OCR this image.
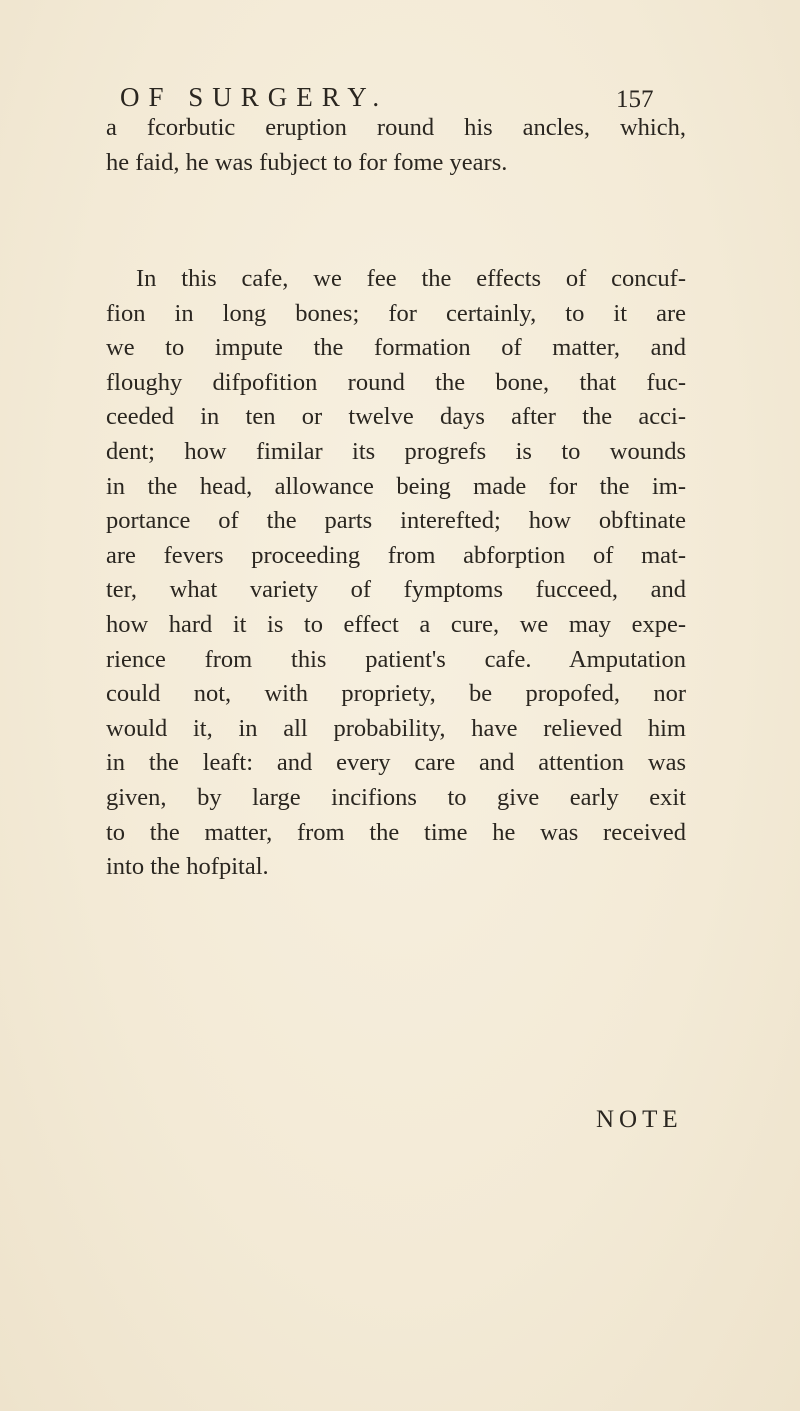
OF SURGERY.	157
a fcorbutic eruption round his ancles, which,
he faid, he was fubject to for fome years.
In this cafe, we fee the effects of concuf-
fion in long bones; for certainly, to it are
we to impute the formation of matter, and
floughy difpofition round the bone, that fuc-
ceeded in ten or twelve days after the acci-
dent; how fimilar its progrefs is to wounds
in the head, allowance being made for the im-
portance of the parts interefted; how obftinate
are fevers proceeding from abforption of mat-
ter, what variety of fymptoms fucceed, and
how hard it is to effect a cure, we may expe-
rience from this patient's cafe. Amputation
could not, with propriety, be propofed, nor
would it, in all probability, have relieved him
in the leaft: and every care and attention was
given, by large incifions to give early exit
to the matter, from the time he was received
into the hofpital.
NOTE
